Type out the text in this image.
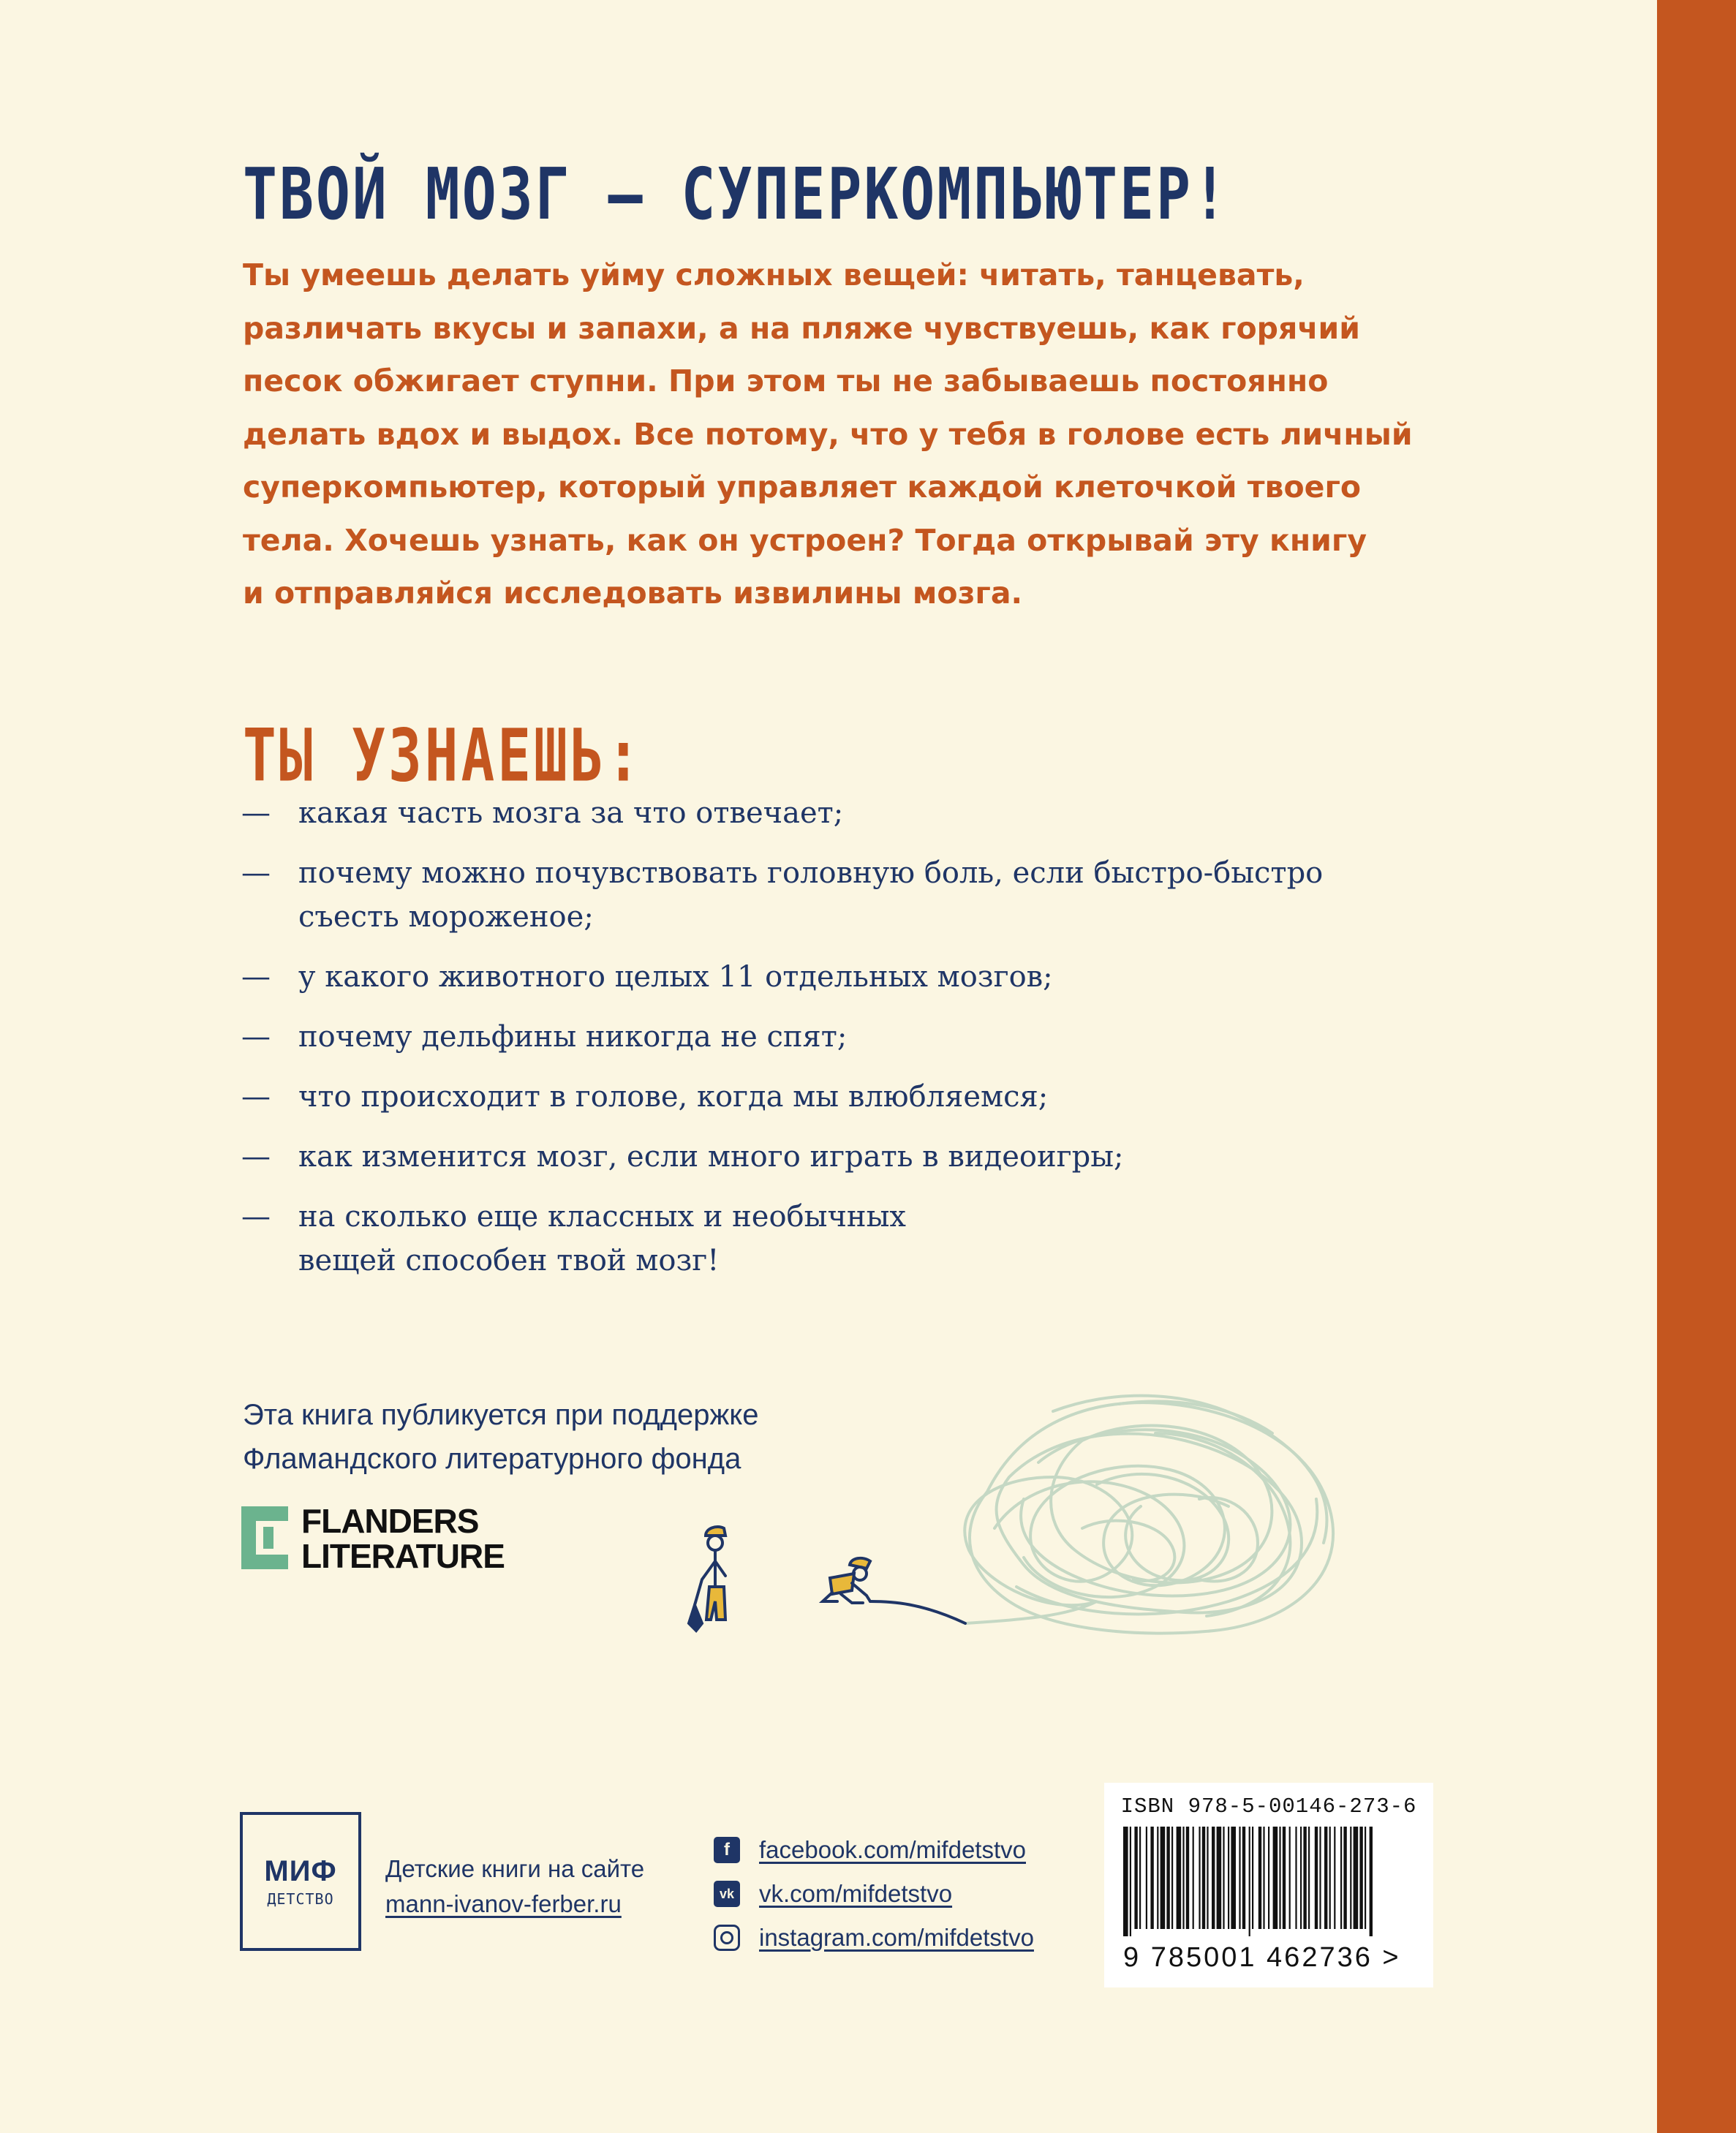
ТВОЙ МОЗГ — СУПЕРКОМПЬЮТЕР!

Ты умеешь делать уйму сложных вещей: читать, танцевать,

различать вкусы и запахи, а на пляже чувствуешь, как горячий

песок обжигает ступни. При этом ты не забываешь постоянно

делать вдох и выдох. Все потому, что у тебя в голове есть личный

суперкомпьютер, который управляет каждой клеточкой твоего

тела. Хочешь узнать, как он устроен? Тогда открывай эту книгу

и отправляйся исследовать извилины мозга.

ТЫ УЗНАЕШЬ:
— какая часть мозга за что отвечает;
— почему можно почувствовать головную боль, если быстро-быстро
съесть мороженое;
— у какого животного целых 11 отдельных мозгов;
— почему дельфины никогда не спят;
— что происходит в голове, когда мы влюбляемся;
— как изменится мозг, если много играть в видеоигры;
— на сколько еще классных и необычных
вещей способен твой мозг!

Эта книга публикуется при поддержке

Фламандского литературного фонда

FLANDERS
LITERATURE
МИФ
ДЕТСТВО

Детские книги на сайте

mann-ivanov-ferber.ru

f	facebook.com/mifdetstvo
vk vk.com/mifdetstvo
instagram.com/mifdetstvo
ISBN 978-5-00146-273-6
9 785001 462736 >
